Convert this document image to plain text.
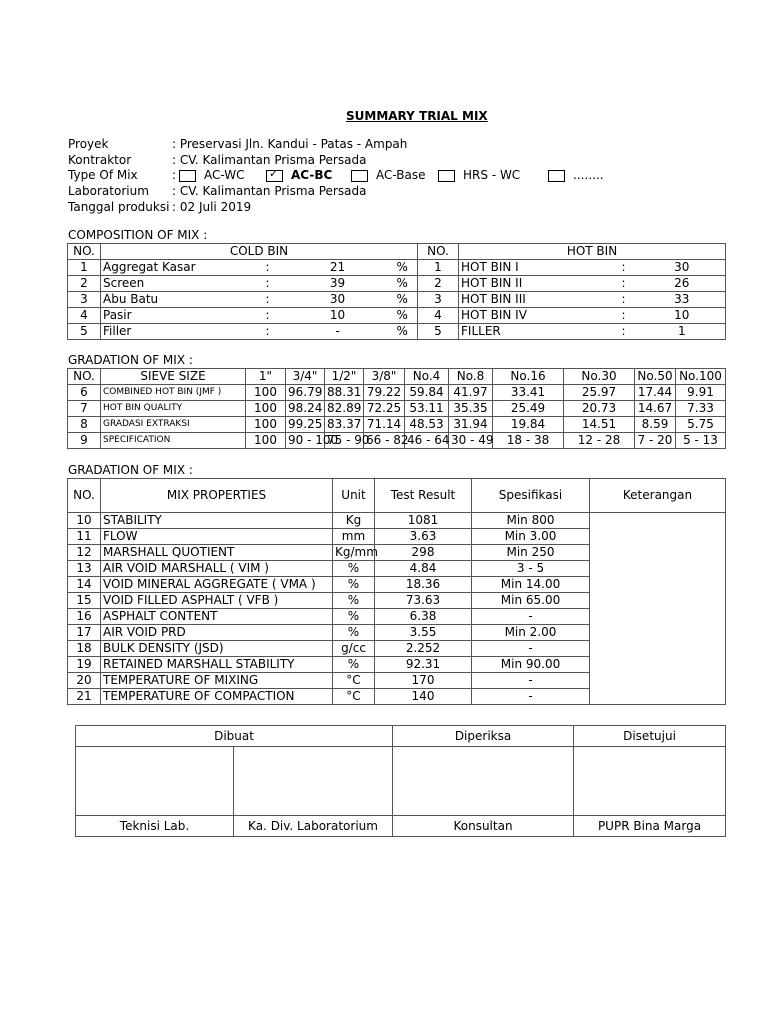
SUMMARY TRIAL MIX
Proyek	: Preservasi Jln. Kandui - Patas - Ampah
Kontraktor	: CV. Kalimantan Prisma Persada
Type Of Mix	:	AC-WC ✓ AC-BC	AC-Base	HRS - WC	........
Laboratorium : CV. Kalimantan Prisma Persada
Tanggal produksi : 02 Juli 2019
COMPOSITION OF MIX :
NO.	COLD BIN				NO.	HOT BIN		
1	Aggregat Kasar	:	21	%	1	HOT BIN I	:	30
2	Screen	:	39	%	2	HOT BIN II	:	26
3	Abu Batu	:	30	%	3	HOT BIN III	:	33
4	Pasir	:	10	%	4	HOT BIN IV	:	10
5	Filler	:	-	%	5	FILLER	:	1
GRADATION OF MIX :
NO.	SIEVE SIZE	1"	3/4"	1/2"	3/8"	No.4	No.8	No.16	No.30	No.50	No.100
6	COMBINED HOT BIN (JMF )	100	96.79	88.31	79.22	59.84	41.97	33.41	25.97	17.44	9.91
7	HOT BIN QUALITY	100	98.24	82.89	72.25	53.11	35.35	25.49	20.73	14.67	7.33
8	GRADASI EXTRAKSI	100	99.25	83.37	71.14	48.53	31.94	19.84	14.51	8.59	5.75
9	SPECIFICATION	100	90 - 100	75 - 90	66 - 82	46 - 64	30 - 49	18 - 38	12 - 28	7 - 20	5 - 13
GRADATION OF MIX :
NO.	MIX PROPERTIES	Unit	Test Result	Spesifikasi	Keterangan
10	STABILITY	Kg	1081	Min 800	
11	FLOW	mm	3.63	Min 3.00	
12	MARSHALL QUOTIENT	Kg/mm	298	Min 250	
13	AIR VOID MARSHALL ( VIM )	%	4.84	3 - 5	
14	VOID MINERAL AGGREGATE ( VMA )	%	18.36	Min 14.00	
15	VOID FILLED ASPHALT ( VFB )	%	73.63	Min 65.00	
16	ASPHALT CONTENT	%	6.38	-	
17	AIR VOID PRD	%	3.55	Min 2.00	
18	BULK DENSITY (JSD)	g/cc	2.252	-	
19	RETAINED MARSHALL STABILITY	%	92.31	Min 90.00	
20	TEMPERATURE OF MIXING	°C	170	-	
21	TEMPERATURE OF COMPACTION	°C	140	-	
Dibuat		Diperiksa	Disetujui

Teknisi Lab.	Ka. Div. Laboratorium	Konsultan	PUPR Bina Marga
